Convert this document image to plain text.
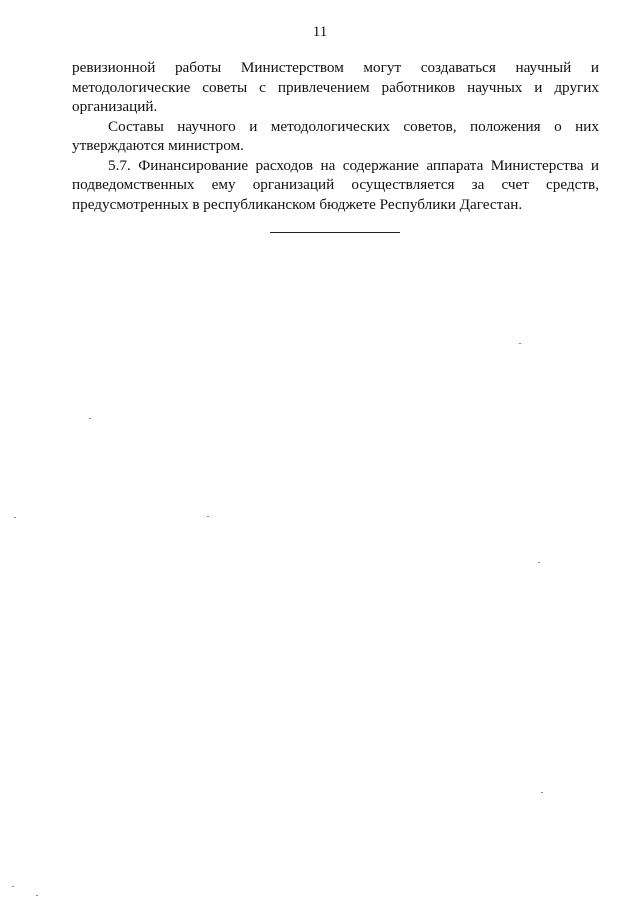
11

ревизионной работы Министерством могут создаваться научный и методологические советы с привлечением работников научных и других организаций.

Составы научного и методологических советов, положения о них утверждаются министром.

5.7. Финансирование расходов на содержание аппарата Министерства и подведомственных ему организаций осуществляется за счет средств, предусмотренных в республиканском бюджете Республики Дагестан.
